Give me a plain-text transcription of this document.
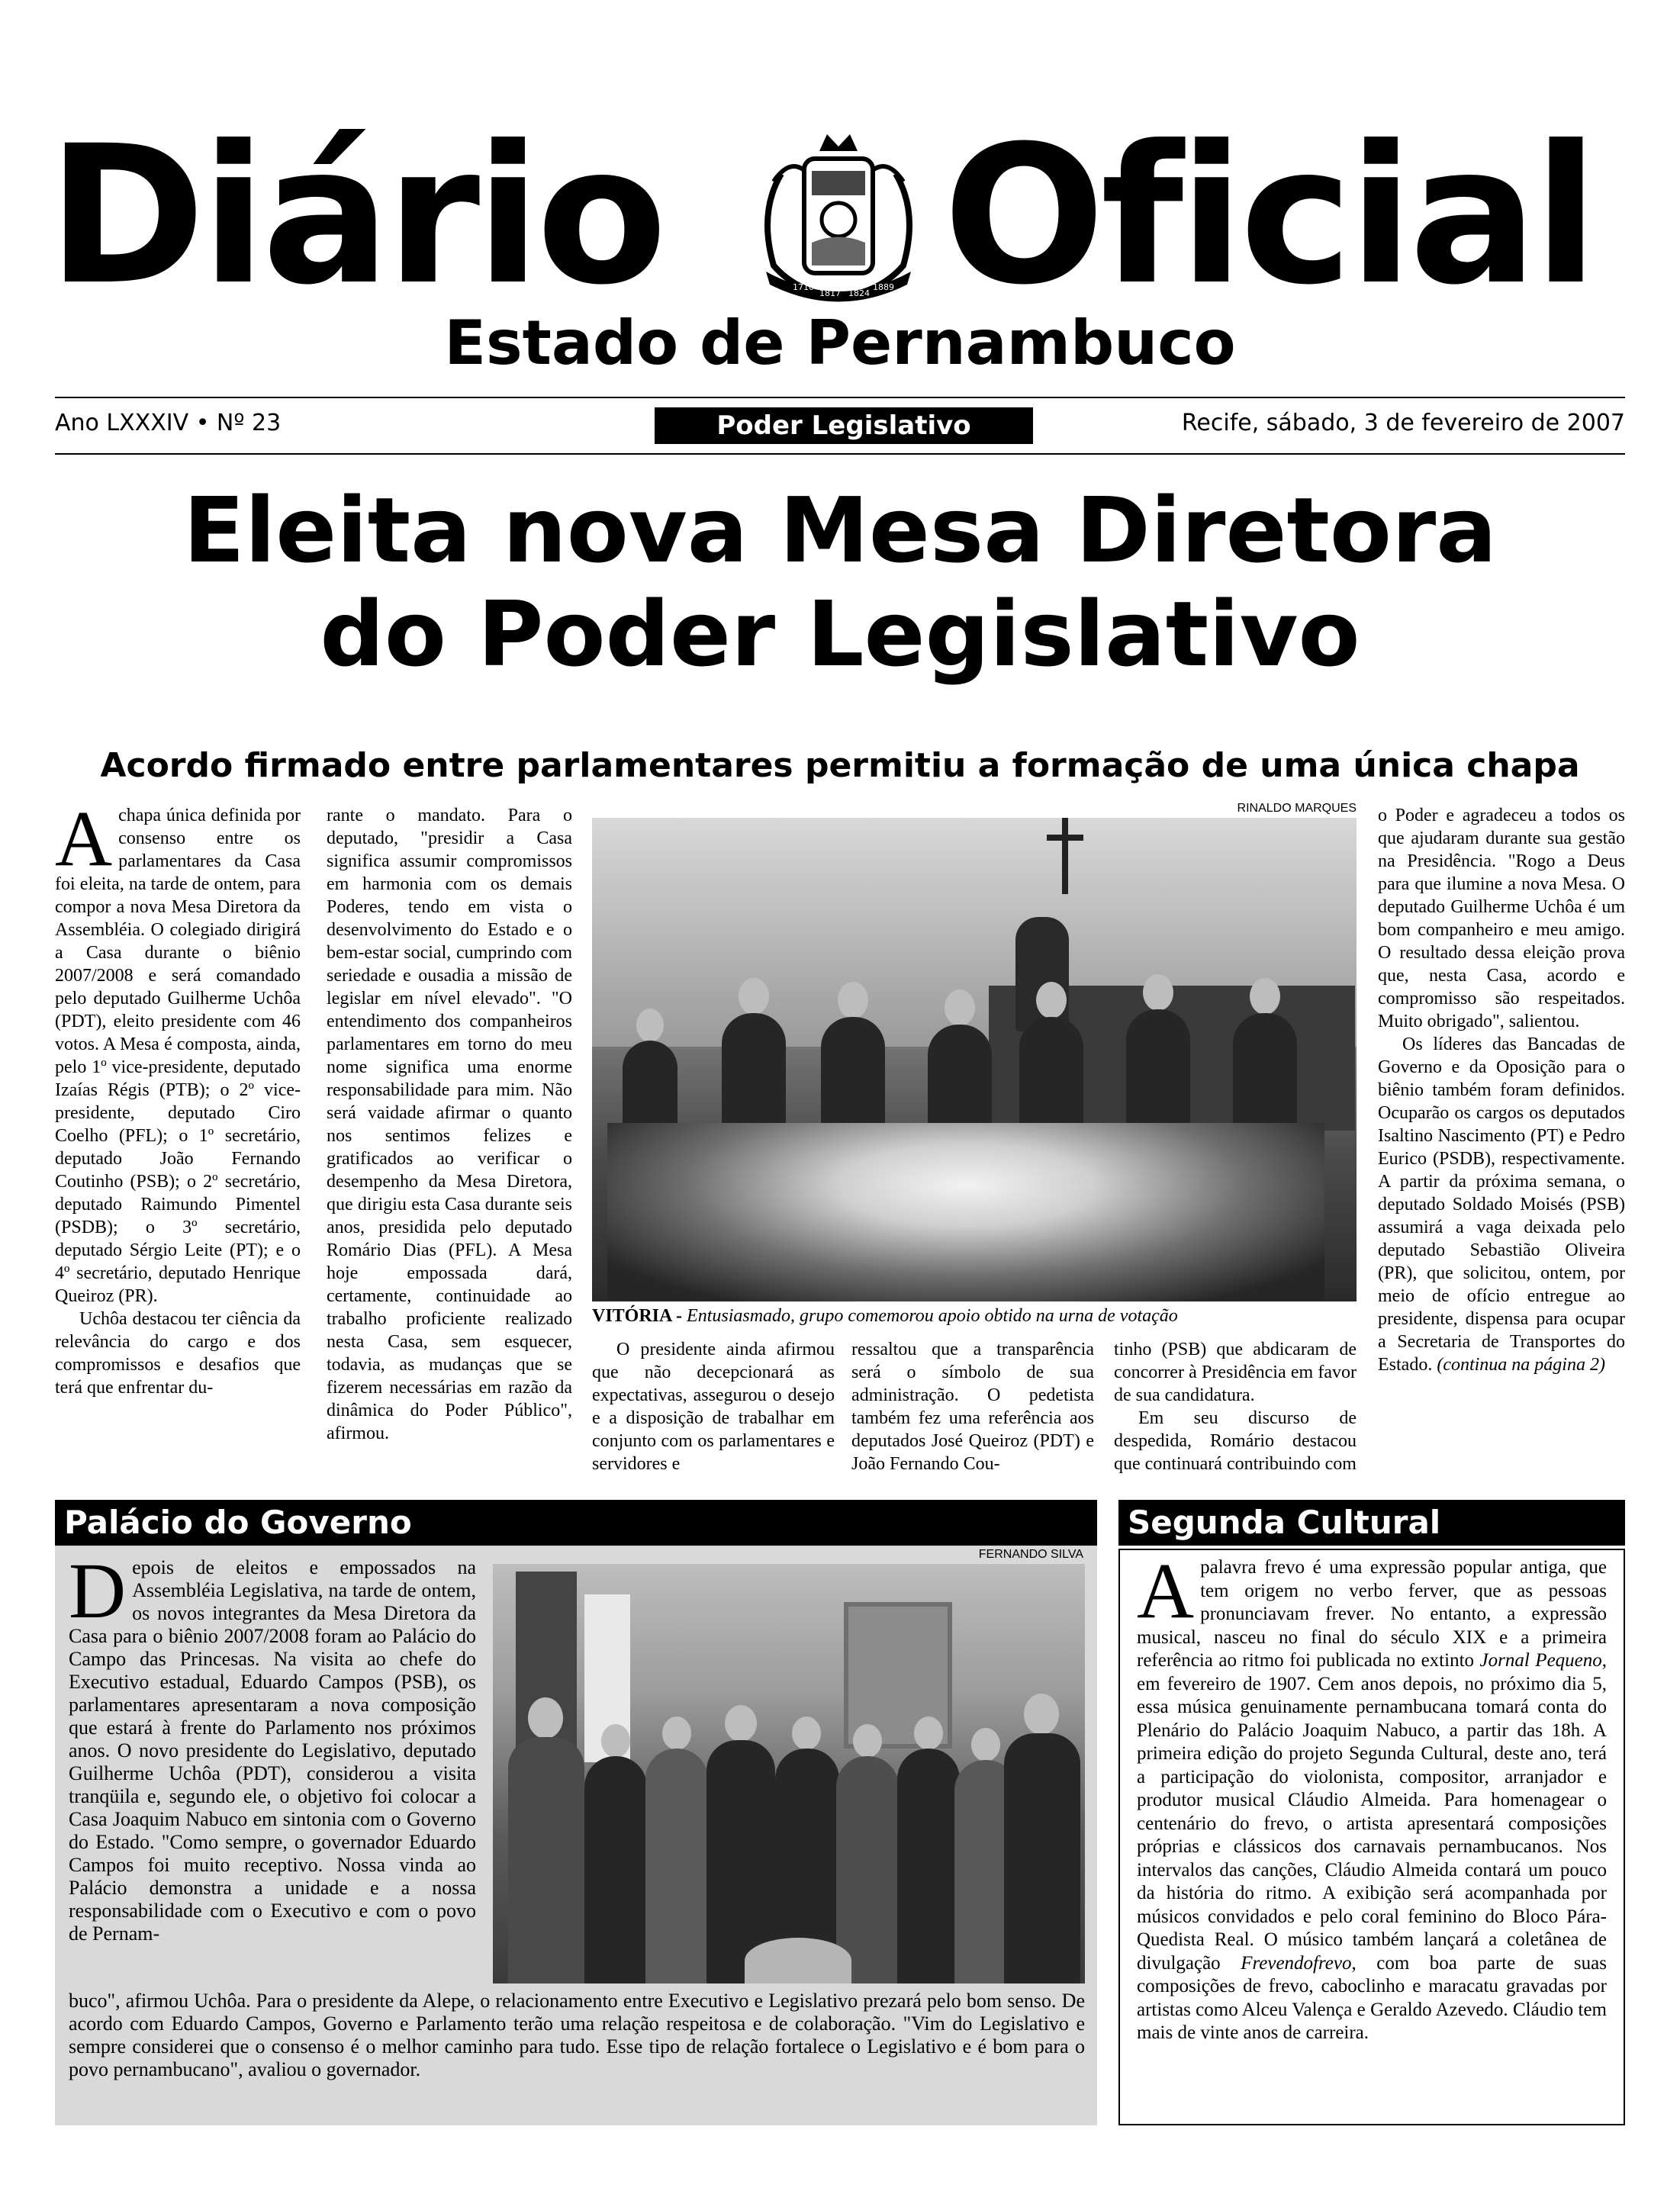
Diário	1710
1817 1824
1889 Oficial
Estado de Pernambuco
Ano LXXXIV • Nº 23	Poder Legislativo	Recife, sábado, 3 de fevereiro de 2007
Eleita nova Mesa Diretora
do Poder Legislativo
Acordo firmado entre parlamentares permitiu a formação de uma única chapa

Achapa única definida por consenso entre os parlamentares da Casa foi eleita, na tarde de ontem, para compor a nova Mesa Diretora da Assembléia. O colegiado dirigirá a Casa durante o biênio 2007/2008 e será comandado pelo deputado Guilherme Uchôa (PDT), eleito presidente com 46 votos. A Mesa é composta, ainda, pelo 1º vice-presidente, deputado Izaías Régis (PTB); o 2º vice-presidente, deputado Ciro Coelho (PFL); o 1º secretário, deputado João Fernando Coutinho (PSB); o 2º secretário, deputado Raimundo Pimentel (PSDB); o 3º secretário, deputado Sérgio Leite (PT); e o 4º secretário, deputado Henrique Queiroz (PR).

Uchôa destacou ter ciência da relevância do cargo e dos compromissos e desafios que terá que enfrentar du-

rante o mandato. Para o deputado, "presidir a Casa significa assumir compromissos em harmonia com os demais Poderes, tendo em vista o desenvolvimento do Estado e o bem-estar social, cumprindo com seriedade e ousadia a missão de legislar em nível elevado". "O entendimento dos companheiros parlamentares em torno do meu nome significa uma enorme responsabilidade para mim. Não será vaidade afirmar o quanto nos sentimos felizes e gratificados ao verificar o desempenho da Mesa Diretora, que dirigiu esta Casa durante seis anos, presidida pelo deputado Romário Dias (PFL). A Mesa hoje empossada dará, certamente, continuidade ao trabalho proficiente realizado nesta Casa, sem esquecer, todavia, as mudanças que se fizerem necessárias em razão da dinâmica do Poder Público", afirmou.

RINALDO MARQUES
VITÓRIA - Entusiasmado, grupo comemorou apoio obtido na urna de votação

O presidente ainda afirmou que não decepcionará as expectativas, assegurou o desejo e a disposição de trabalhar em conjunto com os parlamentares e servidores e

ressaltou que a transparência será o símbolo de sua administração. O pedetista também fez uma referência aos deputados José Queiroz (PDT) e João Fernando Cou-

tinho (PSB) que abdicaram de concorrer à Presidência em favor de sua candidatura.

Em seu discurso de despedida, Romário destacou que continuará contribuindo com

o Poder e agradeceu a todos os que ajudaram durante sua gestão na Presidência. "Rogo a Deus para que ilumine a nova Mesa. O deputado Guilherme Uchôa é um bom companheiro e meu amigo. O resultado dessa eleição prova que, nesta Casa, acordo e compromisso são respeitados. Muito obrigado", salientou.

Os líderes das Bancadas de Governo e da Oposição para o biênio também foram definidos. Ocuparão os cargos os deputados Isaltino Nascimento (PT) e Pedro Eurico (PSDB), respectivamente. A partir da próxima semana, o deputado Soldado Moisés (PSB) assumirá a vaga deixada pelo deputado Sebastião Oliveira (PR), que solicitou, ontem, por meio de ofício entregue ao presidente, dispensa para ocupar a Secretaria de Transportes do Estado. (continua na página 2)

Palácio do Governo

Depois de eleitos e empossados na Assembléia Legislativa, na tarde de ontem, os novos integrantes da Mesa Diretora da Casa para o biênio 2007/2008 foram ao Palácio do Campo das Princesas. Na visita ao chefe do Executivo estadual, Eduardo Campos (PSB), os parlamentares apresentaram a nova composição que estará à frente do Parlamento nos próximos anos. O novo presidente do Legislativo, deputado Guilherme Uchôa (PDT), considerou a visita tranqüila e, segundo ele, o objetivo foi colocar a Casa Joaquim Nabuco em sintonia com o Governo do Estado. "Como sempre, o governador Eduardo Campos foi muito receptivo. Nossa vinda ao Palácio demonstra a unidade e a nossa responsabilidade com o Executivo e com o povo de Pernam-

FERNANDO SILVA

buco", afirmou Uchôa. Para o presidente da Alepe, o relacionamento entre Executivo e Legislativo prezará pelo bom senso. De acordo com Eduardo Campos, Governo e Parlamento terão uma relação respeitosa e de colaboração. "Vim do Legislativo e sempre considerei que o consenso é o melhor caminho para tudo. Esse tipo de relação fortalece o Legislativo e é bom para o povo pernambucano", avaliou o governador.

Segunda Cultural

Apalavra frevo é uma expressão popular antiga, que tem origem no verbo ferver, que as pessoas pronunciavam frever. No entanto, a expressão musical, nasceu no final do século XIX e a primeira referência ao ritmo foi publicada no extinto Jornal Pequeno, em fevereiro de 1907. Cem anos depois, no próximo dia 5, essa música genuinamente pernambucana tomará conta do Plenário do Palácio Joaquim Nabuco, a partir das 18h. A primeira edição do projeto Segunda Cultural, deste ano, terá a participação do violonista, compositor, arranjador e produtor musical Cláudio Almeida. Para homenagear o centenário do frevo, o artista apresentará composições próprias e clássicos dos carnavais pernambucanos. Nos intervalos das canções, Cláudio Almeida contará um pouco da história do ritmo. A exibição será acompanhada por músicos convidados e pelo coral feminino do Bloco Pára-Quedista Real. O músico também lançará a coletânea de divulgação Frevendofrevo, com boa parte de suas composições de frevo, caboclinho e maracatu gravadas por artistas como Alceu Valença e Geraldo Azevedo. Cláudio tem mais de vinte anos de carreira.
